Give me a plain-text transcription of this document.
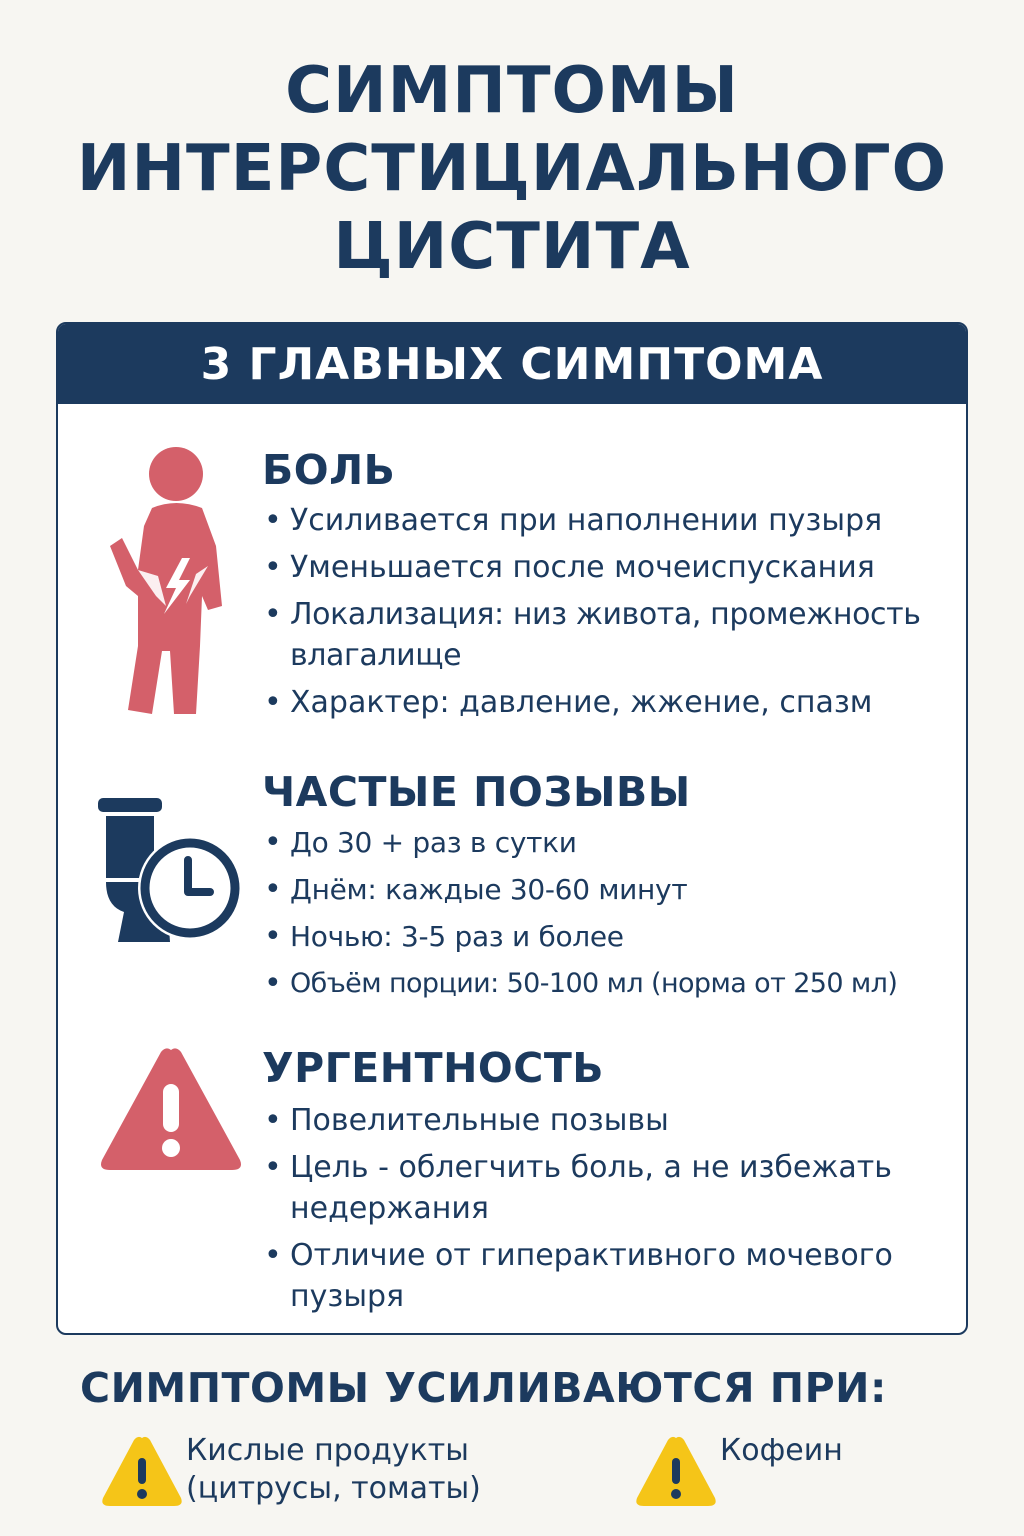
СИМПТОМЫ
ИНТЕРСТИЦИАЛЬНОГО
ЦИСТИТА
3 ГЛАВНЫХ СИМПТОМА
БОЛЬ
• Усиливается при наполнении пузыря
• Уменьшается после мочеиспускания
• Локализация: низ живота, промежность влагалище
• Характер: давление, жжение, спазм
ЧАСТЫЕ ПОЗЫВЫ
• До 30 + раз в сутки
• Днём: каждые 30-60 минут
• Ночью: 3-5 раз и более
• Объём порции: 50-100 мл (норма от 250 мл)
УРГЕНТНОСТЬ
• Повелительные позывы
• Цель - облегчить боль, а не избежать недержания
• Отличие от гиперактивного мочевого пузыря
СИМПТОМЫ УСИЛИВАЮТСЯ ПРИ:
Кислые продукты
(цитрусы, томаты)
Кофеин
